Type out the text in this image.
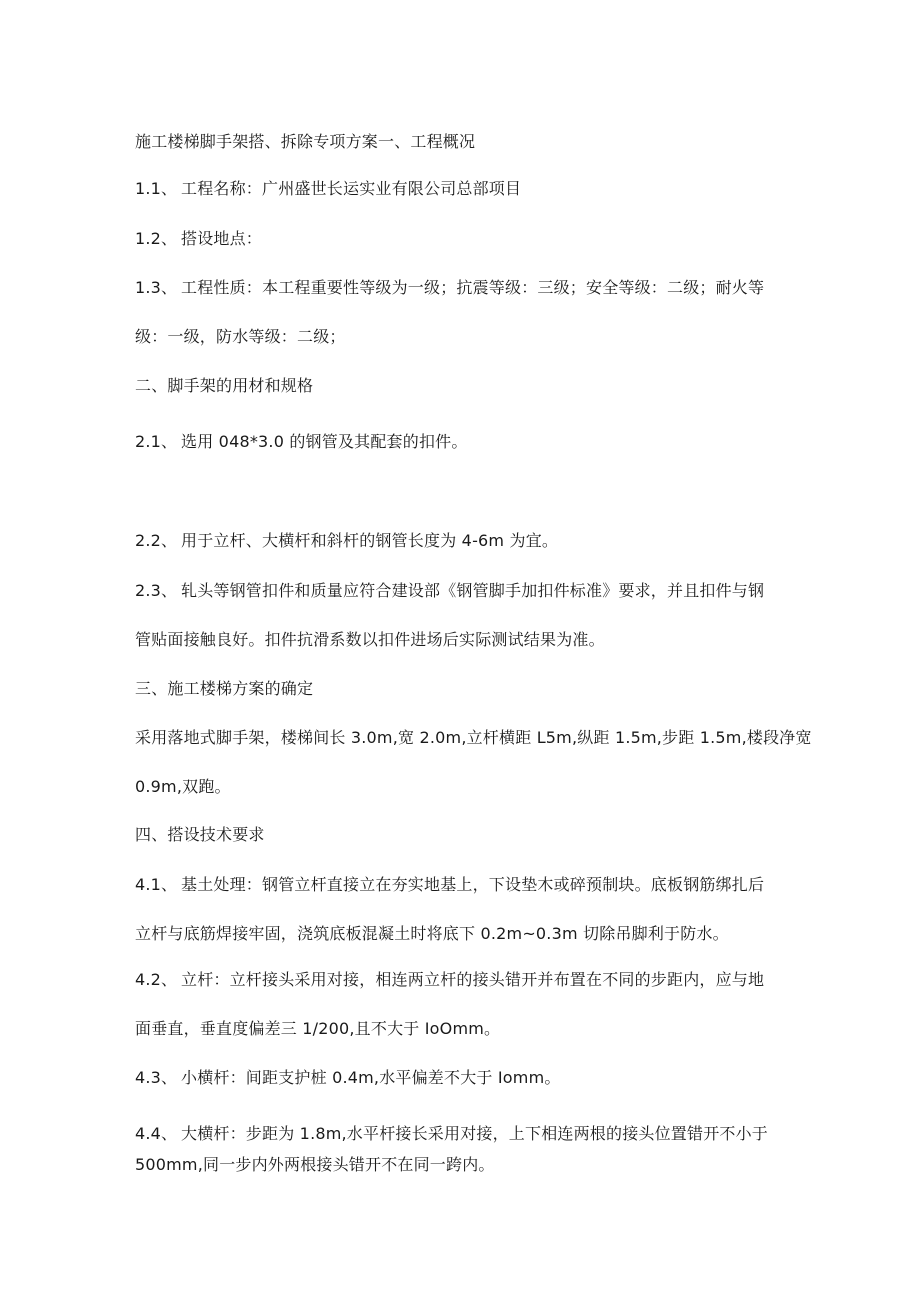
施工楼梯脚手架搭、拆除专项方案一、工程概况
1.1、 工程名称：广州盛世长运实业有限公司总部项目
1.2、 搭设地点：
1.3、 工程性质：本工程重要性等级为一级；抗震等级：三级；安全等级：二级；耐火等
级：一级，防水等级：二级；
二、脚手架的用材和规格
2.1、 选用 048*3.0 的钢管及其配套的扣件。
2.2、 用于立杆、大横杆和斜杆的钢管长度为 4-6m 为宜。
2.3、 轧头等钢管扣件和质量应符合建设部《钢管脚手加扣件标准》要求，并且扣件与钢
管贴面接触良好。扣件抗滑系数以扣件进场后实际测试结果为准。
三、施工楼梯方案的确定
采用落地式脚手架，楼梯间长 3.0m,宽 2.0m,立杆横距 L5m,纵距 1.5m,步距 1.5m,楼段净宽
0.9m,双跑。
四、搭设技术要求
4.1、 基土处理：钢管立杆直接立在夯实地基上，下设垫木或碎预制块。底板钢筋绑扎后
立杆与底筋焊接牢固，浇筑底板混凝土时将底下 0.2m~0.3m 切除吊脚利于防水。
4.2、 立杆：立杆接头采用对接，相连两立杆的接头错开并布置在不同的步距内，应与地
面垂直，垂直度偏差三 1/200,且不大于 IoOmm。
4.3、 小横杆：间距支护桩 0.4m,水平偏差不大于 Iomm。
4.4、 大横杆：步距为 1.8m,水平杆接长采用对接，上下相连两根的接头位置错开不小于
500mm,同一步内外两根接头错开不在同一跨内。
